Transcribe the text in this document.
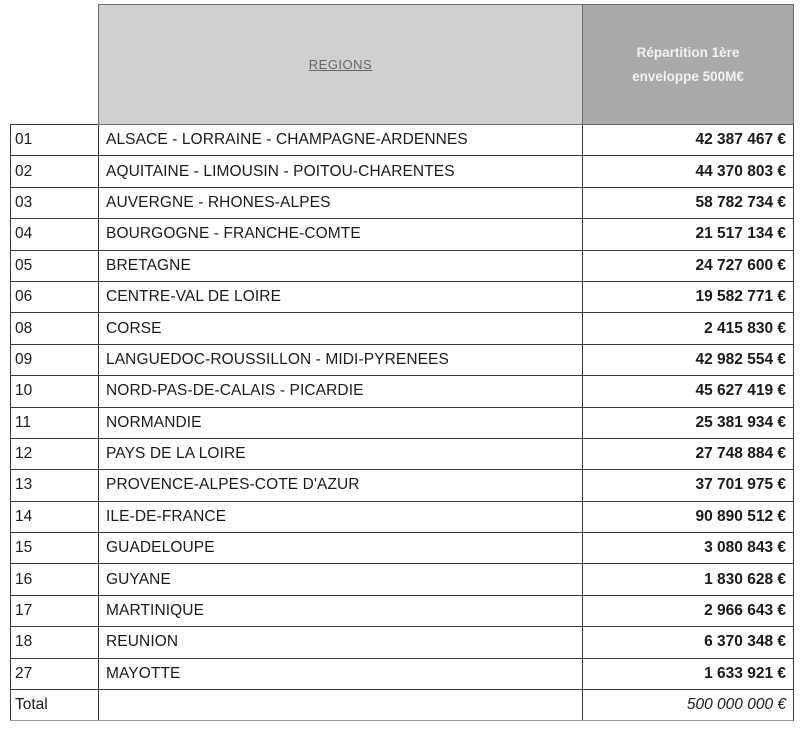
	REGIONS	Répartition 1ère
enveloppe 500M€
01	ALSACE - LORRAINE - CHAMPAGNE-ARDENNES	42 387 467 €
02	AQUITAINE - LIMOUSIN - POITOU-CHARENTES	44 370 803 €
03	AUVERGNE - RHONES-ALPES	58 782 734 €
04	BOURGOGNE - FRANCHE-COMTE	21 517 134 €
05	BRETAGNE	24 727 600 €
06	CENTRE-VAL DE LOIRE	19 582 771 €
08	CORSE	2 415 830 €
09	LANGUEDOC-ROUSSILLON - MIDI-PYRENEES	42 982 554 €
10	NORD-PAS-DE-CALAIS - PICARDIE	45 627 419 €
11	NORMANDIE	25 381 934 €
12	PAYS DE LA LOIRE	27 748 884 €
13	PROVENCE-ALPES-COTE D'AZUR	37 701 975 €
14	ILE-DE-FRANCE	90 890 512 €
15	GUADELOUPE	3 080 843 €
16	GUYANE	1 830 628 €
17	MARTINIQUE	2 966 643 €
18	REUNION	6 370 348 €
27	MAYOTTE	1 633 921 €
Total		500 000 000 €
